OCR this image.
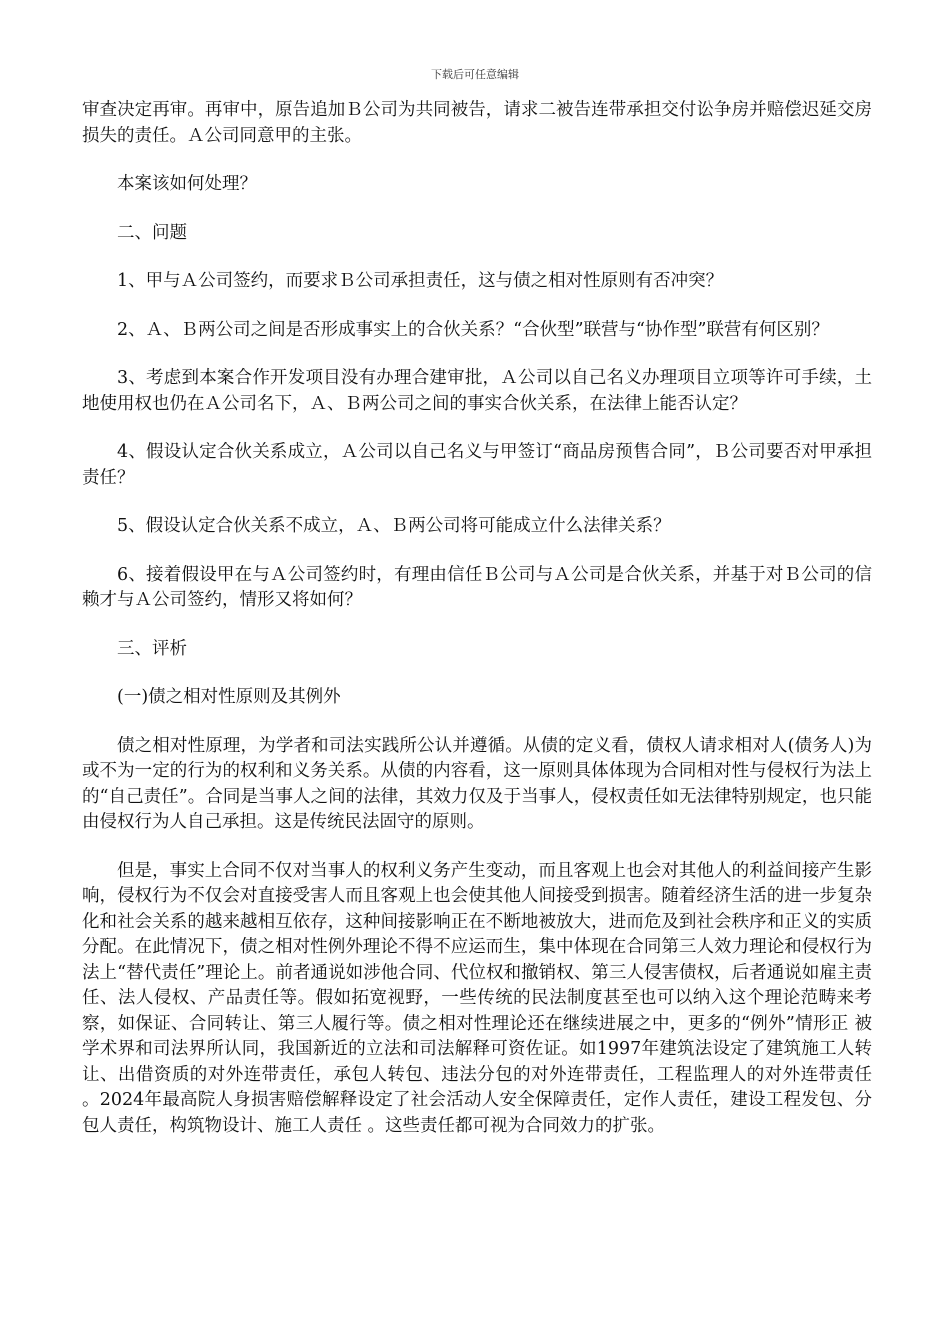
下载后可任意编辑

审查决定再审。再审中，原告追加Ｂ公司为共同被告，请求二被告连带承担交付讼争房并赔偿迟延交房损失的责任。Ａ公司同意甲的主张。

本案该如何处理？

二、问题

1、甲与Ａ公司签约，而要求Ｂ公司承担责任，这与债之相对性原则有否冲突？

2、Ａ、Ｂ两公司之间是否形成事实上的合伙关系？“合伙型”联营与“协作型”联营有何区别？

3、考虑到本案合作开发项目没有办理合建审批，Ａ公司以自己名义办理项目立项等许可手续，土地使用权也仍在Ａ公司名下，Ａ、Ｂ两公司之间的事实合伙关系，在法律上能否认定？

4、假设认定合伙关系成立，Ａ公司以自己名义与甲签订“商品房预售合同”，Ｂ公司要否对甲承担责任？

5、假设认定合伙关系不成立，Ａ、Ｂ两公司将可能成立什么法律关系？

6、接着假设甲在与Ａ公司签约时，有理由信任Ｂ公司与Ａ公司是合伙关系，并基于对Ｂ公司的信赖才与Ａ公司签约，情形又将如何？

三、评析

(一)债之相对性原则及其例外

债之相对性原理，为学者和司法实践所公认并遵循。从债的定义看，债权人请求相对人(债务人)为或不为一定的行为的权利和义务关系。从债的内容看，这一原则具体体现为合同相对性与侵权行为法上的“自己责任”。合同是当事人之间的法律，其效力仅及于当事人，侵权责任如无法律特别规定，也只能由侵权行为人自己承担。这是传统民法固守的原则。

但是，事实上合同不仅对当事人的权利义务产生变动，而且客观上也会对其他人的利益间接产生影响，侵权行为不仅会对直接受害人而且客观上也会使其他人间接受到损害。随着经济生活的进一步复杂化和社会关系的越来越相互依存，这种间接影响正在不断地被放大，进而危及到社会秩序和正义的实质分配。在此情况下，债之相对性例外理论不得不应运而生，集中体现在合同第三人效力理论和侵权行为法上“替代责任”理论上。前者通说如涉他合同、代位权和撤销权、第三人侵害债权，后者通说如雇主责任、法人侵权、产品责任等。假如拓宽视野，一些传统的民法制度甚至也可以纳入这个理论范畴来考察，如保证、合同转让、第三人履行等。债之相对性理论还在继续进展之中，更多的“例外”情形正 被学术界和司法界所认同，我国新近的立法和司法解释可资佐证。如1997年建筑法设定了建筑施工人转让、出借资质的对外连带责任，承包人转包、违法分包的对外连带责任，工程监理人的对外连带责任 。2024年最高院人身损害赔偿解释设定了社会活动人安全保障责任，定作人责任，建设工程发包、分包人责任，构筑物设计、施工人责任 。这些责任都可视为合同效力的扩张。
